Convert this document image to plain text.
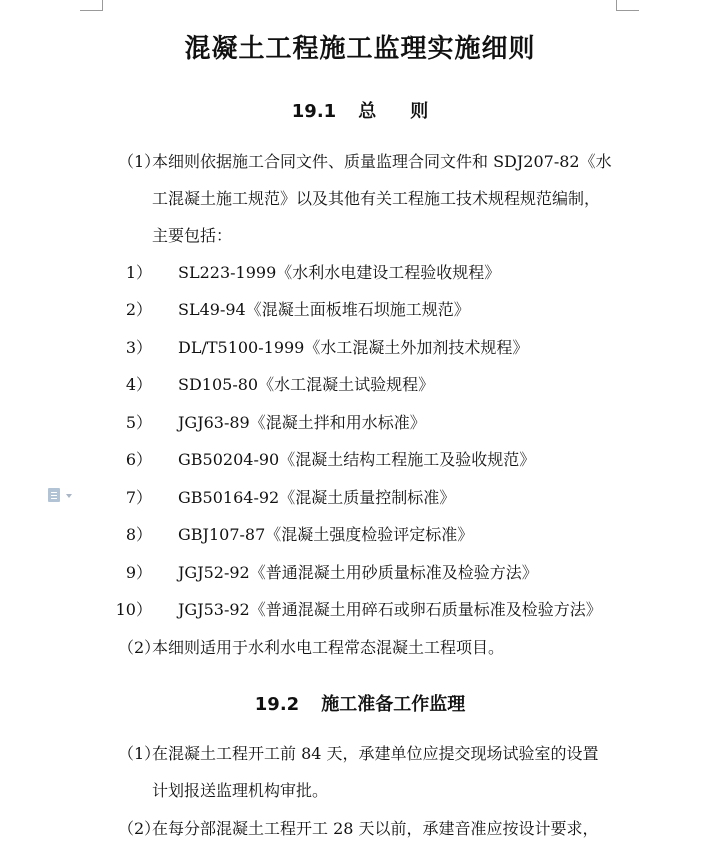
混凝土工程施工监理实施细则
19.1 总则
（1）
本细则依据施工合同文件、质量监理合同文件和 SDJ207-82《水
工混凝土施工规范》以及其他有关工程施工技术规程规范编制，
主要包括：
1） SL223-1999《水利水电建设工程验收规程》
2） SL49-94《混凝土面板堆石坝施工规范》
3） DL/T5100-1999《水工混凝土外加剂技术规程》
4） SD105-80《水工混凝土试验规程》
5） JGJ63-89《混凝土拌和用水标准》
6） GB50204-90《混凝土结构工程施工及验收规范》
7） GB50164-92《混凝土质量控制标准》
8） GBJ107-87《混凝土强度检验评定标准》
9） JGJ52-92《普通混凝土用砂质量标准及检验方法》
10） JGJ53-92《普通混凝土用碎石或卵石质量标准及检验方法》
（2）
本细则适用于水利水电工程常态混凝土工程项目。
19.2 施工准备工作监理
（1）
在混凝土工程开工前 84 天，承建单位应提交现场试验室的设置
计划报送监理机构审批。
（2）
在每分部混凝土工程开工 28 天以前，承建音准应按设计要求，
